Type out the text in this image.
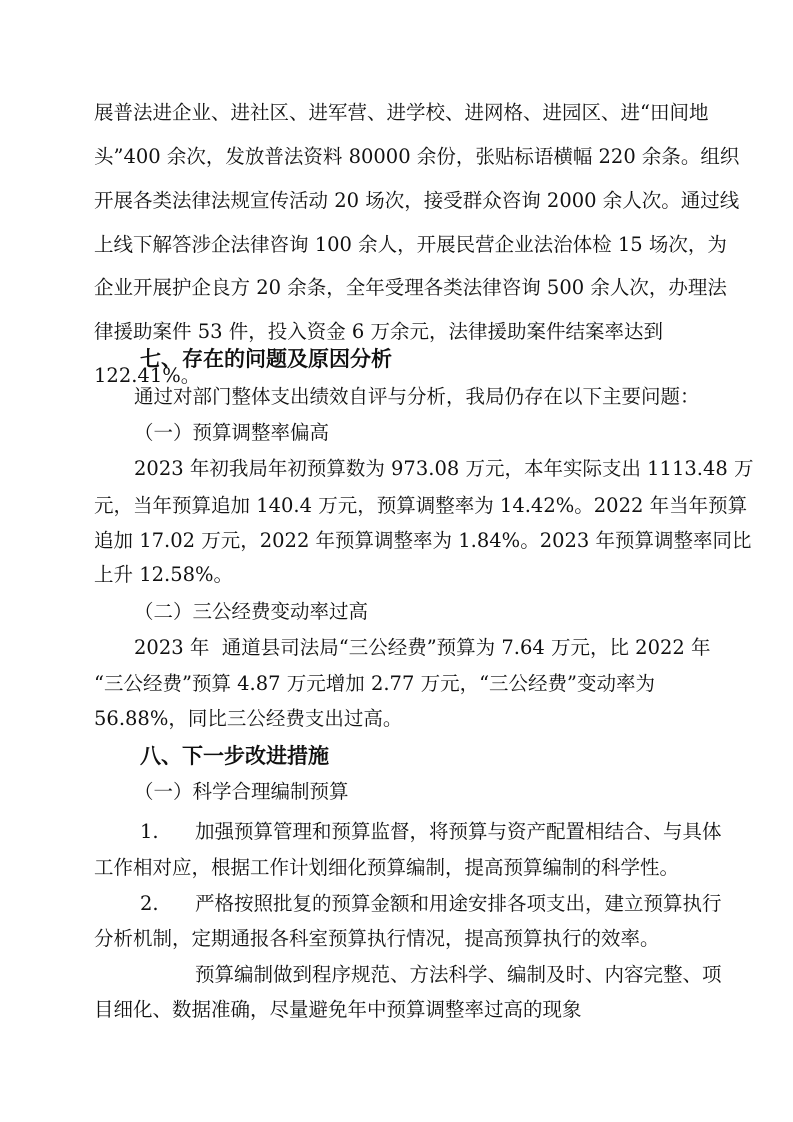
展普法进企业、进社区、进军营、进学校、进网格、进园区、进“田间地
头”400 余次，发放普法资料 80000 余份，张贴标语横幅 220 余条。组织
开展各类法律法规宣传活动 20 场次，接受群众咨询 2000 余人次。通过线
上线下解答涉企法律咨询 100 余人，开展民营企业法治体检 15 场次，为
企业开展护企良方 20 余条，全年受理各类法律咨询 500 余人次，办理法
律援助案件 53 件，投入资金 6 万余元，法律援助案件结案率达到
122.41%。
七、存在的问题及原因分析
通过对部门整体支出绩效自评与分析，我局仍存在以下主要问题：
（一）预算调整率偏高
2023 年初我局年初预算数为 973.08 万元，本年实际支出 1113.48 万
元，当年预算追加 140.4 万元，预算调整率为 14.42%。2022 年当年预算
追加 17.02 万元，2022 年预算调整率为 1.84%。2023 年预算调整率同比
上升 12.58%。
（二）三公经费变动率过高
2023 年  通道县司法局“三公经费”预算为 7.64 万元，比 2022 年
“三公经费”预算 4.87 万元增加 2.77 万元，“三公经费”变动率为
56.88%，同比三公经费支出过高。
八、下一步改进措施
（一）科学合理编制预算
1. 加强预算管理和预算监督，将预算与资产配置相结合、与具体
工作相对应，根据工作计划细化预算编制，提高预算编制的科学性。
2. 严格按照批复的预算金额和用途安排各项支出，建立预算执行
分析机制，定期通报各科室预算执行情况，提高预算执行的效率。
预算编制做到程序规范、方法科学、编制及时、内容完整、项
目细化、数据准确，尽量避免年中预算调整率过高的现象
